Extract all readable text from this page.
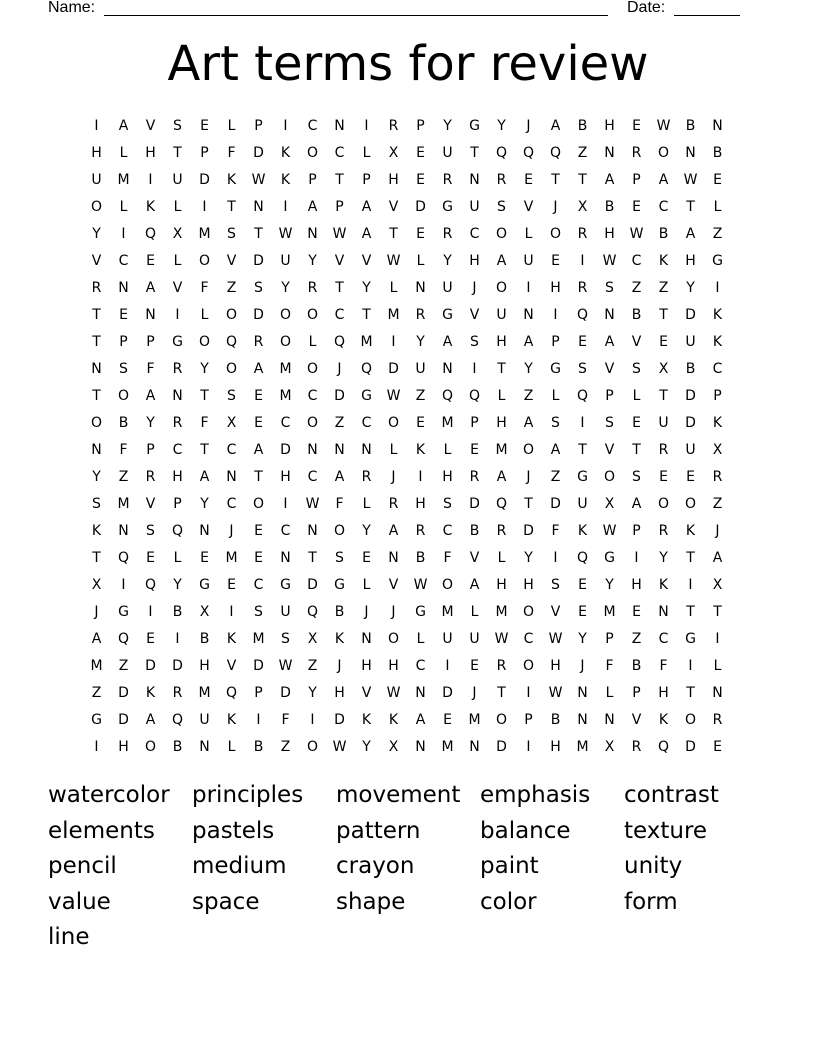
Name:	Date:
Art terms for review
I	A	V	S	E	L	P	I	C	N	I	R	P	Y	G	Y	J	A	B	H	E	W	B	N
H	L	H	T	P	F	D	K	O	C	L	X	E	U	T	Q	Q	Q	Z	N	R	O	N	B
U	M	I	U	D	K	W	K	P	T	P	H	E	R	N	R	E	T	T	A	P	A	W	E
O	L	K	L	I	T	N	I	A	P	A	V	D	G	U	S	V	J	X	B	E	C	T	L
Y	I	Q	X	M	S	T	W	N	W	A	T	E	R	C	O	L	O	R	H	W	B	A	Z
V	C	E	L	O	V	D	U	Y	V	V	W	L	Y	H	A	U	E	I	W	C	K	H	G
R	N	A	V	F	Z	S	Y	R	T	Y	L	N	U	J	O	I	H	R	S	Z	Z	Y	I
T	E	N	I	L	O	D	O	O	C	T	M	R	G	V	U	N	I	Q	N	B	T	D	K
T	P	P	G	O	Q	R	O	L	Q	M	I	Y	A	S	H	A	P	E	A	V	E	U	K
N	S	F	R	Y	O	A	M	O	J	Q	D	U	N	I	T	Y	G	S	V	S	X	B	C
T	O	A	N	T	S	E	M	C	D	G	W	Z	Q	Q	L	Z	L	Q	P	L	T	D	P
O	B	Y	R	F	X	E	C	O	Z	C	O	E	M	P	H	A	S	I	S	E	U	D	K
N	F	P	C	T	C	A	D	N	N	N	L	K	L	E	M	O	A	T	V	T	R	U	X
Y	Z	R	H	A	N	T	H	C	A	R	J	I	H	R	A	J	Z	G	O	S	E	E	R
S	M	V	P	Y	C	O	I	W	F	L	R	H	S	D	Q	T	D	U	X	A	O	O	Z
K	N	S	Q	N	J	E	C	N	O	Y	A	R	C	B	R	D	F	K	W	P	R	K	J
T	Q	E	L	E	M	E	N	T	S	E	N	B	F	V	L	Y	I	Q	G	I	Y	T	A
X	I	Q	Y	G	E	C	G	D	G	L	V	W	O	A	H	H	S	E	Y	H	K	I	X
J	G	I	B	X	I	S	U	Q	B	J	J	G	M	L	M	O	V	E	M	E	N	T	T
A	Q	E	I	B	K	M	S	X	K	N	O	L	U	U	W	C	W	Y	P	Z	C	G	I
M	Z	D	D	H	V	D	W	Z	J	H	H	C	I	E	R	O	H	J	F	B	F	I	L
Z	D	K	R	M	Q	P	D	Y	H	V	W	N	D	J	T	I	W	N	L	P	H	T	N
G	D	A	Q	U	K	I	F	I	D	K	K	A	E	M	O	P	B	N	N	V	K	O	R
I	H	O	B	N	L	B	Z	O	W	Y	X	N	M	N	D	I	H	M	X	R	Q	D	E
watercolor principles	movement emphasis	contrast
elements	pastels	pattern	balance	texture
pencil	medium	crayon	paint	unity
value	space	shape	color	form
line
